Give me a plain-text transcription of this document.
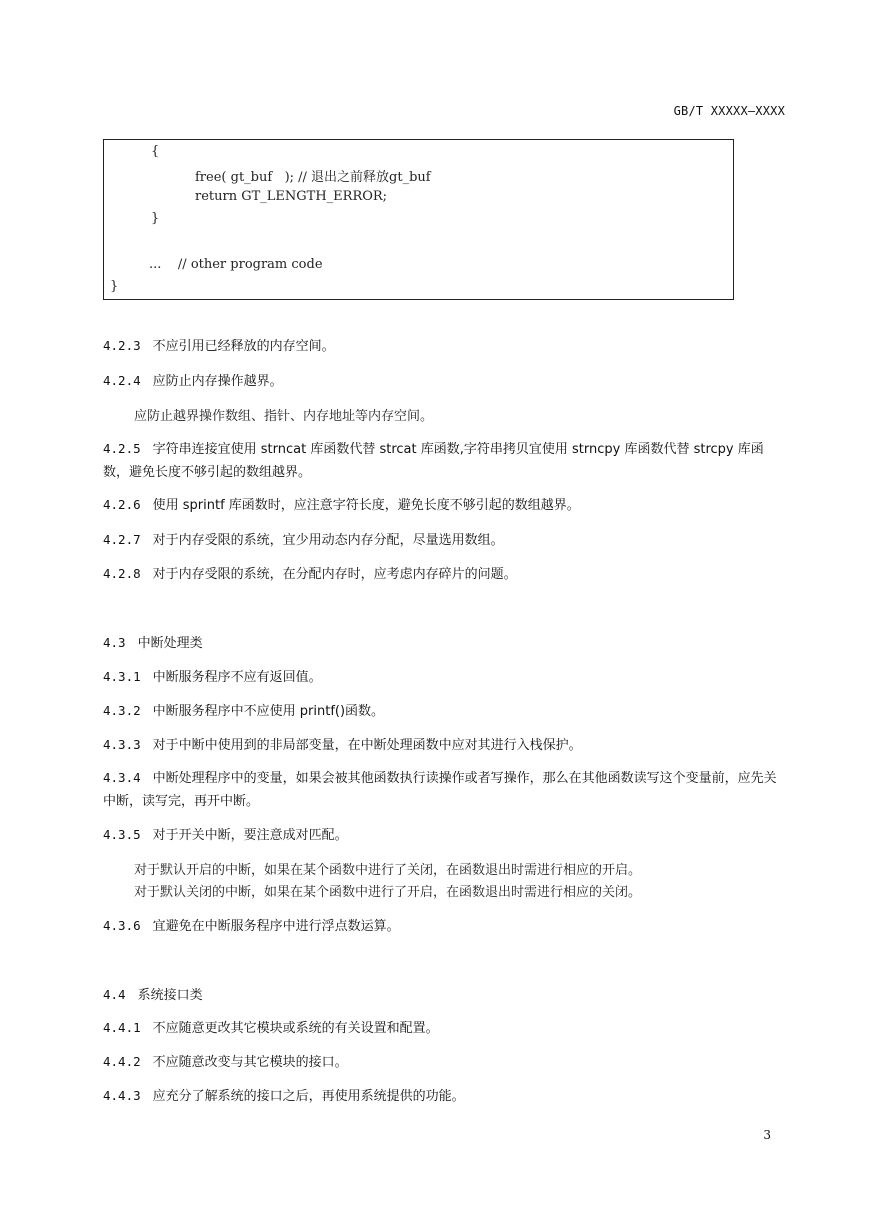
GB/T XXXXX—XXXX
{
free( gt_buf   ); // 退出之前释放gt_buf
return GT_LENGTH_ERROR;
}
...    // other program code
}
4.2.3 不应引用已经释放的内存空间。
4.2.4 应防止内存操作越界。
应防止越界操作数组、指针、内存地址等内存空间。
4.2.5 字符串连接宜使用 strncat 库函数代替 strcat 库函数,字符串拷贝宜使用 strncpy 库函数代替 strcpy 库函数，避免长度不够引起的数组越界。
4.2.6 使用 sprintf 库函数时，应注意字符长度，避免长度不够引起的数组越界。
4.2.7 对于内存受限的系统，宜少用动态内存分配，尽量选用数组。
4.2.8 对于内存受限的系统，在分配内存时，应考虑内存碎片的问题。
4.3 中断处理类
4.3.1 中断服务程序不应有返回值。
4.3.2 中断服务程序中不应使用 printf()函数。
4.3.3 对于中断中使用到的非局部变量，在中断处理函数中应对其进行入栈保护。
4.3.4 中断处理程序中的变量，如果会被其他函数执行读操作或者写操作，那么在其他函数读写这个变量前，应先关中断，读写完，再开中断。
4.3.5 对于开关中断，要注意成对匹配。
对于默认开启的中断，如果在某个函数中进行了关闭，在函数退出时需进行相应的开启。
对于默认关闭的中断，如果在某个函数中进行了开启，在函数退出时需进行相应的关闭。
4.3.6 宜避免在中断服务程序中进行浮点数运算。
4.4 系统接口类
4.4.1 不应随意更改其它模块或系统的有关设置和配置。
4.4.2 不应随意改变与其它模块的接口。
4.4.3 应充分了解系统的接口之后，再使用系统提供的功能。
3
